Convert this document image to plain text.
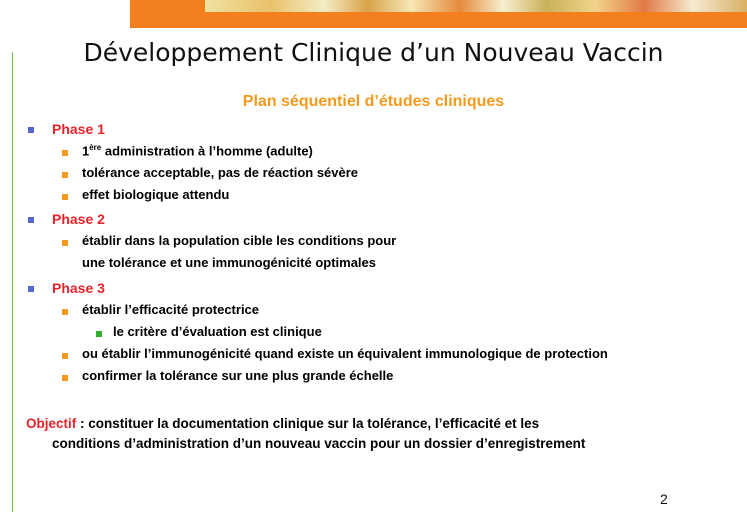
Développement Clinique d’un Nouveau Vaccin
Plan séquentiel d’études cliniques
Phase 1
1ère administration à l’homme (adulte)
tolérance acceptable, pas de réaction sévère
effet biologique attendu
Phase 2
établir dans la population cible les conditions pour
une tolérance et une immunogénicité optimales
Phase 3
établir l’efficacité protectrice
le critère d’évaluation est clinique
ou établir l’immunogénicité quand existe un équivalent immunologique de protection
confirmer la tolérance sur une plus grande échelle
Objectif : constituer la documentation clinique sur la tolérance, l’efficacité et les
conditions d’administration d’un nouveau vaccin pour un dossier d’enregistrement
2
